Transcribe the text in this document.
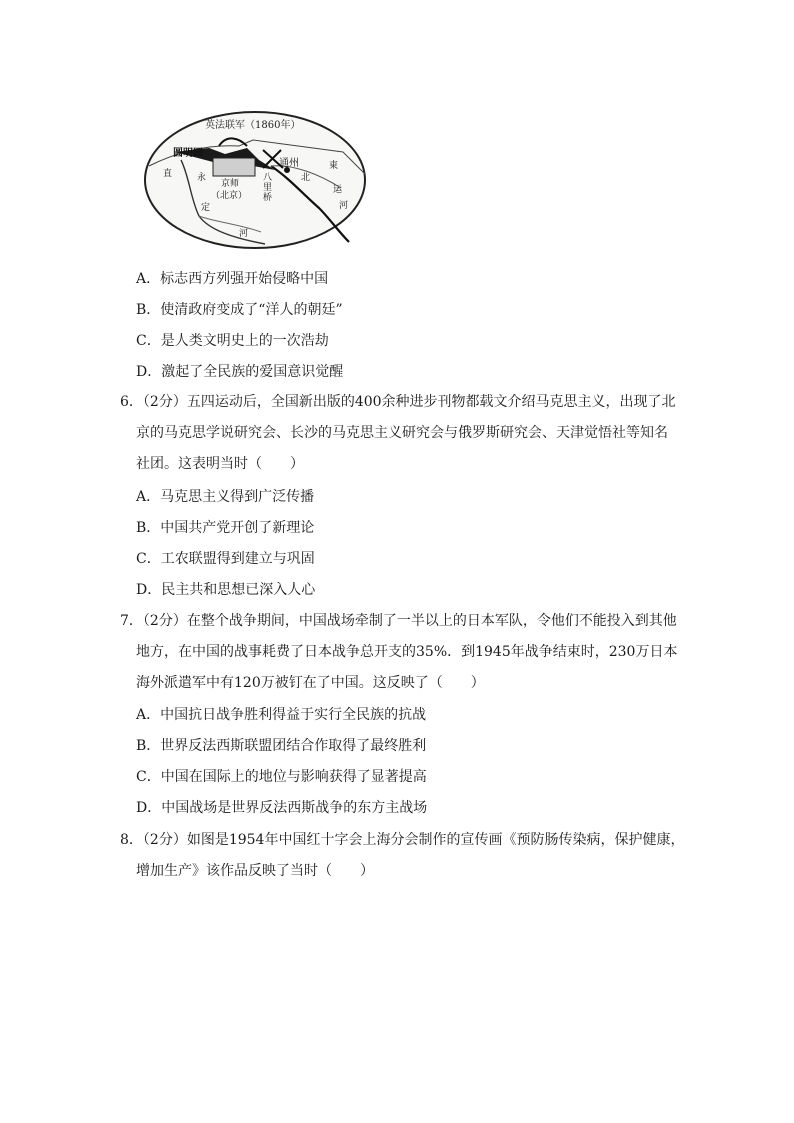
英法联军（1860年）
圆明园
通州
京师
（北京）
八
里
桥
直	永
定
河
北
运
河
東
A．标志西方列强开始侵略中国
B．使清政府变成了“洋人的朝廷”
C．是人类文明史上的一次浩劫
D．激起了全民族的爱国意识觉醒
6．（2分）五四运动后，全国新出版的400余种进步刊物都载文介绍马克思主义，出现了北
京的马克思学说研究会、长沙的马克思主义研究会与俄罗斯研究会、天津觉悟社等知名
社团。这表明当时（　　）
A．马克思主义得到广泛传播
B．中国共产党开创了新理论
C．工农联盟得到建立与巩固
D．民主共和思想已深入人心
7．（2分）在整个战争期间，中国战场牵制了一半以上的日本军队，令他们不能投入到其他
地方，在中国的战事耗费了日本战争总开支的35%．到1945年战争结束时，230万日本
海外派遣军中有120万被钉在了中国。这反映了（　　）
A．中国抗日战争胜利得益于实行全民族的抗战
B．世界反法西斯联盟团结合作取得了最终胜利
C．中国在国际上的地位与影响获得了显著提高
D．中国战场是世界反法西斯战争的东方主战场
8．（2分）如图是1954年中国红十字会上海分会制作的宣传画《预防肠传染病，保护健康，
增加生产》该作品反映了当时（　　）
